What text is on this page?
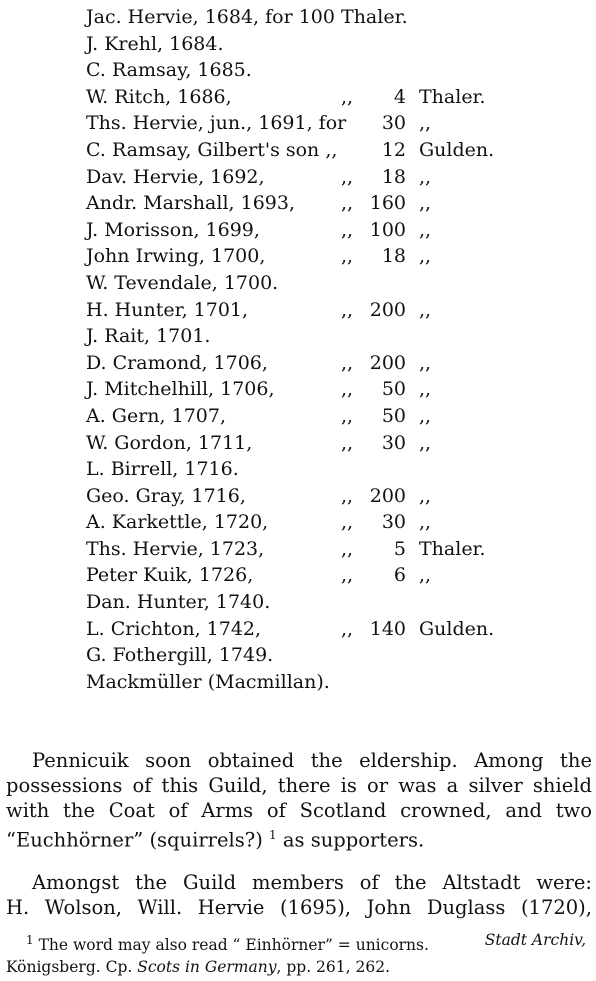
Jac. Hervie, 1684, for 100 Thaler.
J. Krehl, 1684.
C. Ramsay, 1685.
W. Ritch, 1686,	,, 4 Thaler.
Ths. Hervie, jun., 1691, for 30 ,,
C. Ramsay, Gilbert's son ,, 12 Gulden.
Dav. Hervie, 1692,	,, 18 ,,
Andr. Marshall, 1693, ,, 160 ,,
J. Morisson, 1699,	,, 100 ,,
John Irwing, 1700,	,, 18 ,,
W. Tevendale, 1700.
H. Hunter, 1701,	,, 200 ,,
J. Rait, 1701.
D. Cramond, 1706,	,, 200 ,,
J. Mitchelhill, 1706,	,, 50 ,,
A. Gern, 1707,	,, 50 ,,
W. Gordon, 1711,	,, 30 ,,
L. Birrell, 1716.
Geo. Gray, 1716,	,, 200 ,,
A. Karkettle, 1720,	,, 30 ,,
Ths. Hervie, 1723,	,, 5 Thaler.
Peter Kuik, 1726,	,, 6 ,,
Dan. Hunter, 1740.
L. Crichton, 1742,	,, 140 Gulden.
G. Fothergill, 1749.
Mackmüller (Macmillan).
Pennicuik soon obtained the eldership. Among the
possessions of this Guild, there is or was a silver shield
with the Coat of Arms of Scotland crowned, and two
“Euchhörner” (squirrels?) $^1$ as supporters.
Amongst the Guild members of the Altstadt were:
H. Wolson, Will. Hervie (1695), John Duglass (1720),
$^1$ The word may also read “ Einhörner” = unicorns.	Stadt Archiv,
Königsberg. Cp. Scots in Germany, pp. 261, 262.
